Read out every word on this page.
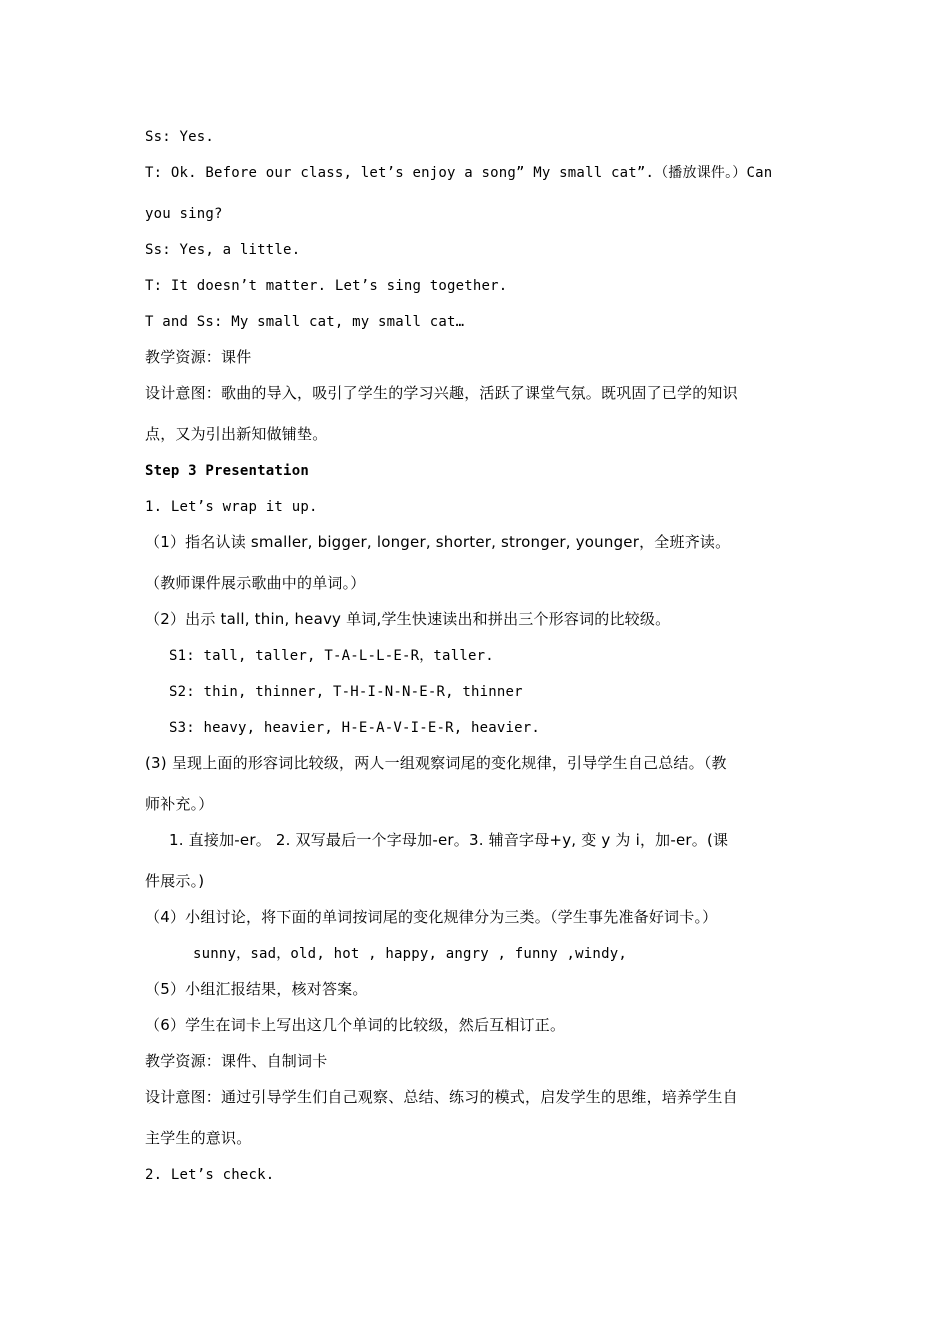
Ss: Yes.
T: Ok. Before our class, let’s enjoy a song” My small cat”.（播放课件。）Can
you sing?
Ss: Yes, a little.
T: It doesn’t matter. Let’s sing together.
T and Ss: My small cat, my small cat…
教学资源：课件
设计意图：歌曲的导入，吸引了学生的学习兴趣，活跃了课堂气氛。既巩固了已学的知识
点，又为引出新知做铺垫。
Step 3 Presentation
1. Let’s wrap it up.
（1）指名认读 smaller, bigger, longer, shorter, stronger, younger，全班齐读。
（教师课件展示歌曲中的单词。）
（2）出示 tall, thin, heavy 单词,学生快速读出和拼出三个形容词的比较级。
S1: tall, taller, T-A-L-L-E-R，taller.
S2: thin, thinner, T-H-I-N-N-E-R, thinner
S3: heavy, heavier, H-E-A-V-I-E-R, heavier.
(3) 呈现上面的形容词比较级，两人一组观察词尾的变化规律，引导学生自己总结。（教
师补充。）
1. 直接加-er。 2. 双写最后一个字母加-er。3. 辅音字母+y, 变 y 为 i，加-er。(课
件展示。)
（4）小组讨论，将下面的单词按词尾的变化规律分为三类。（学生事先准备好词卡。）
sunny，sad，old, hot , happy, angry , funny ,windy,
（5）小组汇报结果，核对答案。
（6）学生在词卡上写出这几个单词的比较级，然后互相订正。
教学资源：课件、自制词卡
设计意图：通过引导学生们自己观察、总结、练习的模式，启发学生的思维，培养学生自
主学生的意识。
2. Let’s check.
